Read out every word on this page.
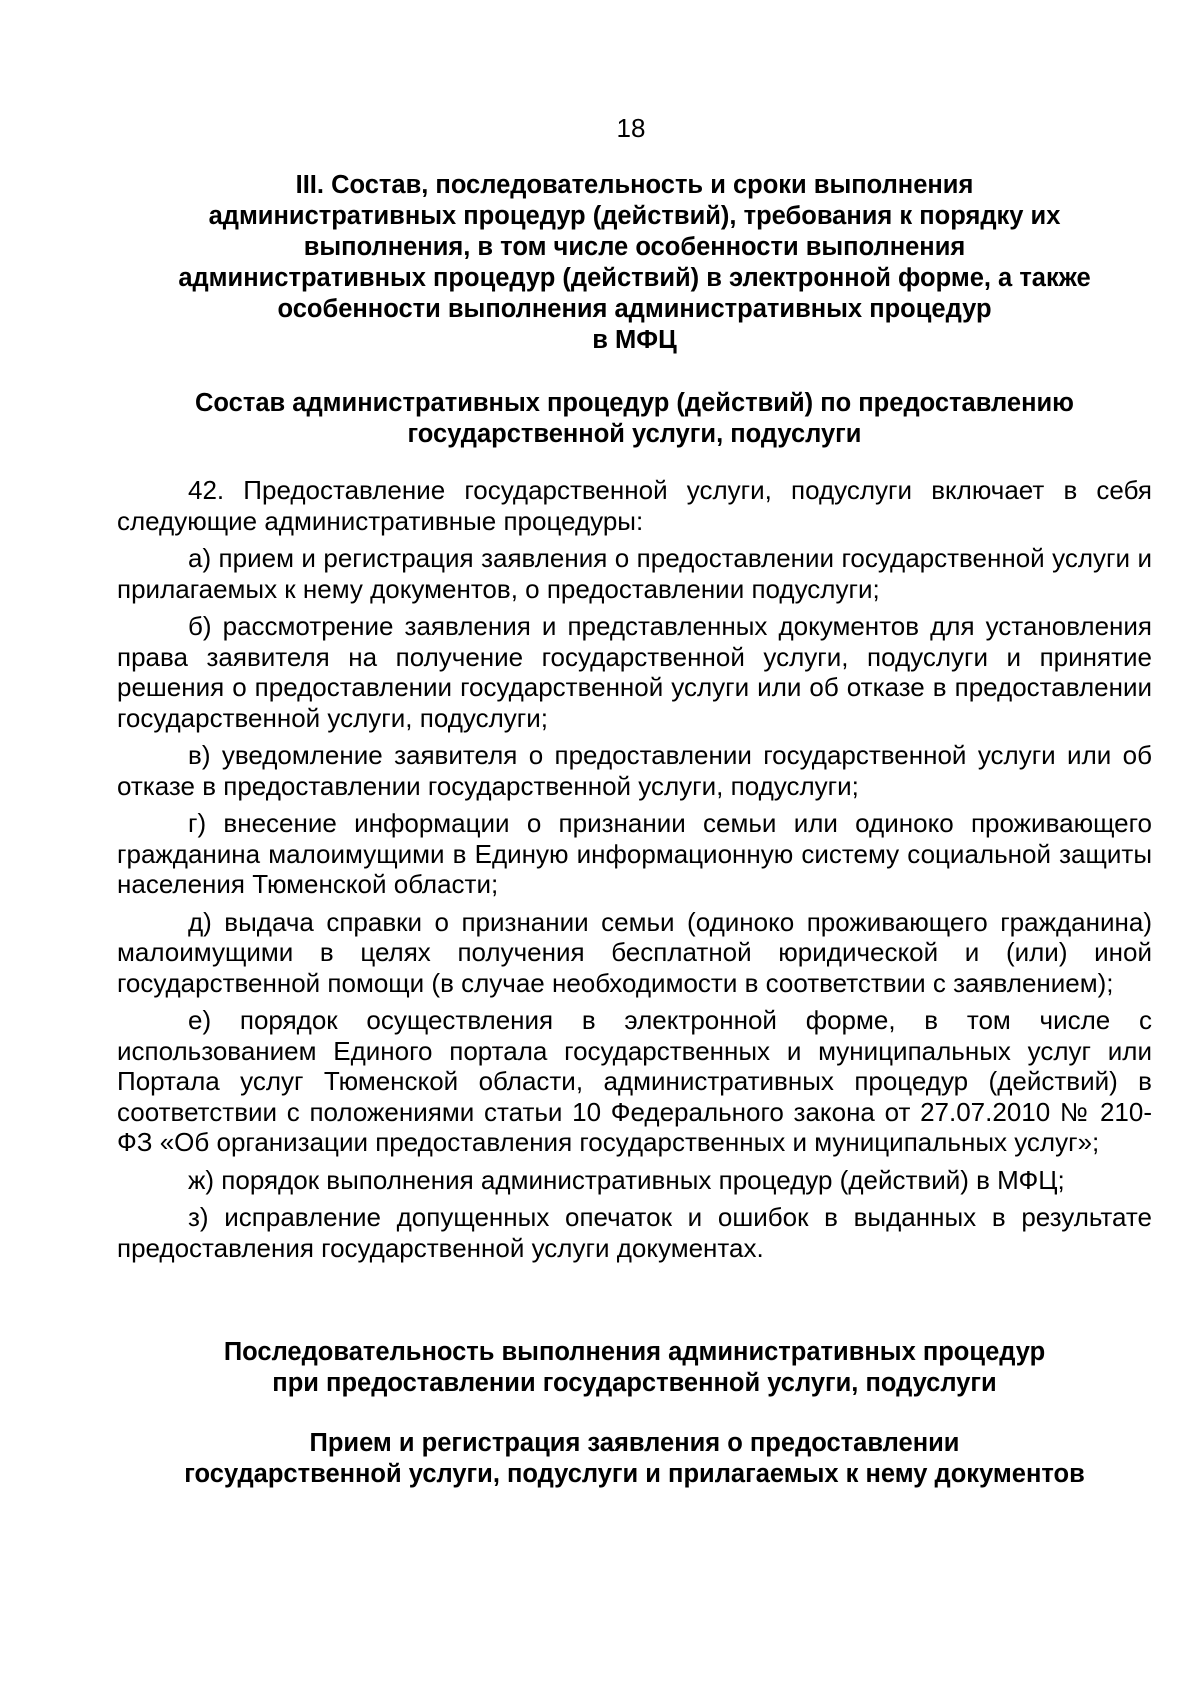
18
III. Состав, последовательность и сроки выполнения
административных процедур (действий), требования к порядку их
выполнения, в том числе особенности выполнения
административных процедур (действий) в электронной форме, а также
особенности выполнения административных процедур
в МФЦ
Состав административных процедур (действий) по предоставлению
государственной услуги, подуслуги

42. Предоставление государственной услуги, подуслуги включает в себя следующие административные процедуры:

а) прием и регистрация заявления о предоставлении государственной услуги и прилагаемых к нему документов, о предоставлении подуслуги;

б) рассмотрение заявления и представленных документов для установления права заявителя на получение государственной услуги, подуслуги и принятие решения о предоставлении государственной услуги или об отказе в предоставлении государственной услуги, подуслуги;

в) уведомление заявителя о предоставлении государственной услуги или об отказе в предоставлении государственной услуги, подуслуги;

г) внесение информации о признании семьи или одиноко проживающего гражданина малоимущими в Единую информационную систему социальной защиты населения Тюменской области;

д) выдача справки о признании семьи (одиноко проживающего гражданина) малоимущими в целях получения бесплатной юридической и (или) иной государственной помощи (в случае необходимости в соответствии с заявлением);

е) порядок осуществления в электронной форме, в том числе с использованием Единого портала государственных и муниципальных услуг или Портала услуг Тюменской области, административных процедур (действий) в соответствии с положениями статьи 10 Федерального закона от 27.07.2010 № 210-ФЗ «Об организации предоставления государственных и муниципальных услуг»;

ж) порядок выполнения административных процедур (действий) в МФЦ;

з) исправление допущенных опечаток и ошибок в выданных в результате предоставления государственной услуги документах.

Последовательность выполнения административных процедур
при предоставлении государственной услуги, подуслуги
Прием и регистрация заявления о предоставлении
государственной услуги, подуслуги и прилагаемых к нему документов
